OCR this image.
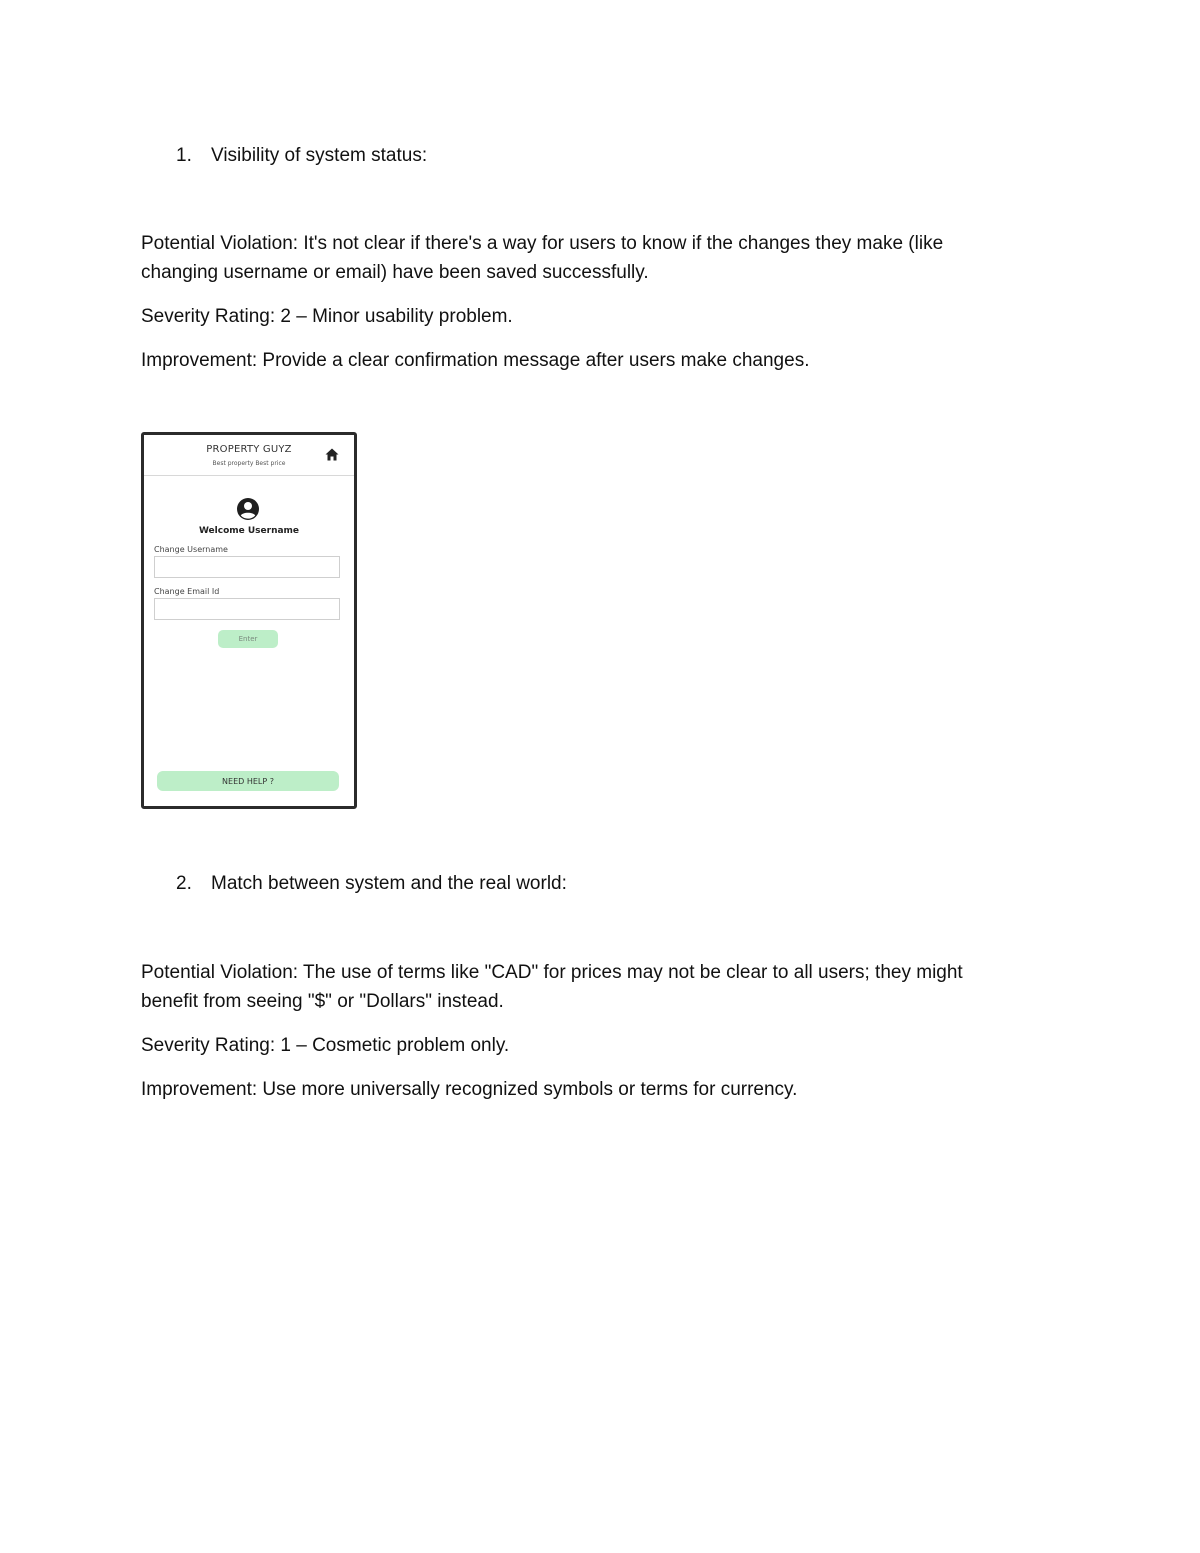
1. Visibility of system status:
Potential Violation: It's not clear if there's a way for users to know if the changes they make (like changing username or email) have been saved successfully.
Severity Rating: 2 – Minor usability problem.
Improvement: Provide a clear confirmation message after users make changes.
PROPERTY GUYZ
Best property Best price
Welcome Username
Change Username
Change Email Id
Enter
NEED HELP ?
2. Match between system and the real world:
Potential Violation: The use of terms like "CAD" for prices may not be clear to all users; they might benefit from seeing "$" or "Dollars" instead.
Severity Rating: 1 – Cosmetic problem only.
Improvement: Use more universally recognized symbols or terms for currency.
